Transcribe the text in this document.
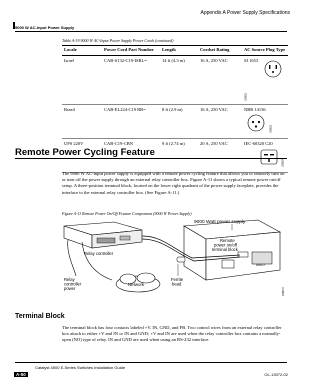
Appendix A Power Supply Specifications
9000 W AC-Input Power Supply
Table A-19 9000 W AC-Input Power Supply Power Cords (continued)
Locale	Power Cord Part Number	Length	Cordset Rating	AC Source Plug Type
Israel	CAB-S132-C19-ISRL=	14 ft (4.3 m)	16 A, 250 VAC	SI 1653
193622

Brazil	CAB-EL224-C19 BR=	8 ft (2.9 m)	16 A, 250 VAC	NBR 14136
193623

UPS 220V	CAB-C19-CBN	9 ft (2.74 m)	20 A, 250 VAC	IEC-60320 C20

193624
Remote Power Cycling Feature
The 9000 W AC-input power supply is equipped with a remote power cycling feature that allows you to remotely turn on or turn off the power supply through an external relay controller box. Figure A-11 shows a typical remote power on/off setup. A three-position terminal block, located on the lower right quadrant of the power supply faceplate, provides the interface to the external relay controller box. (See Figure A-11.)
Figure A-11 Remote Power On/Off Feature Components (9000 W Power Supply)
9000 Watt power supply
Relay controller
Network
Remote power on/off terminal block
9000CY
Relay controller power
Ferrite bead
208673
Terminal Block
The terminal block has four contacts labeled +V, IN, GND, and FB. Two control wires from an external relay controller box attach to either +V and IN or IN and GND; +V and IN are used when the relay controller box contains a normally-open (NO) type of relay. IN and GND are used when using an RS-232 interface.
Catalyst 4500 E-Series Switches Installation Guide
A-50	OL-13972-02
